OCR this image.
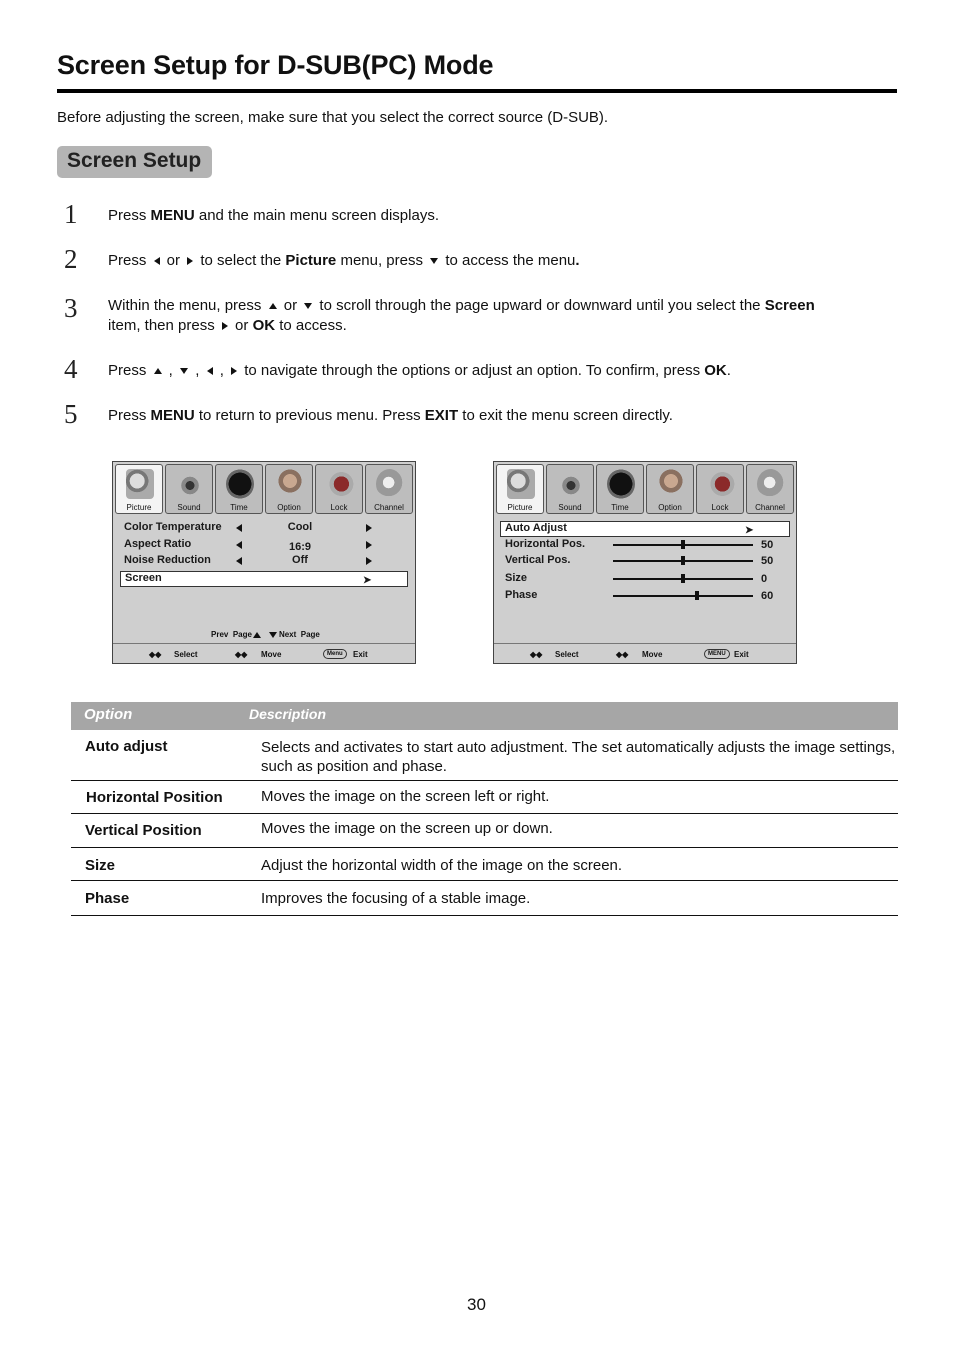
Screen Setup for D-SUB(PC) Mode
Before adjusting the screen, make sure that you select the correct source (D-SUB).
Screen Setup
1 Press MENU and the main menu screen displays.
2 Press  or  to select the Picture menu, press  to access the menu.
3 Within the menu, press  or  to scroll through the page upward or downward until you select the Screen
item, then press  or OK to access.
4 Press  ,  ,  ,  to navigate through the options or adjust an option. To confirm, press OK.
5 Press MENU to return to previous menu. Press EXIT to exit the menu screen directly.
Picture	Sound	Time	Option	Lock	Channel
Color Temperature	Cool
Aspect Ratio	16:9
Noise Reduction	Off
Screen	➤
Prev Page	Next Page
◆◆ Select	◆◆ Move	Menu	Exit
Picture	Sound	Time	Option	Lock	Channel
Auto Adjust	➤
Horizontal Pos.	50
Vertical Pos.	50
Size	0
Phase	60
◆◆ Select	◆◆ Move	MENU	Exit
Option	Description
Auto adjust	Selects and activates to start auto adjustment. The set automatically adjusts the image settings, such as position and phase.
Horizontal Position	Moves the image on the screen left or right.
Vertical Position	Moves the image on the screen up or down.
Size	Adjust the horizontal width of the image on the screen.
Phase	Improves the focusing of a stable image.
30
